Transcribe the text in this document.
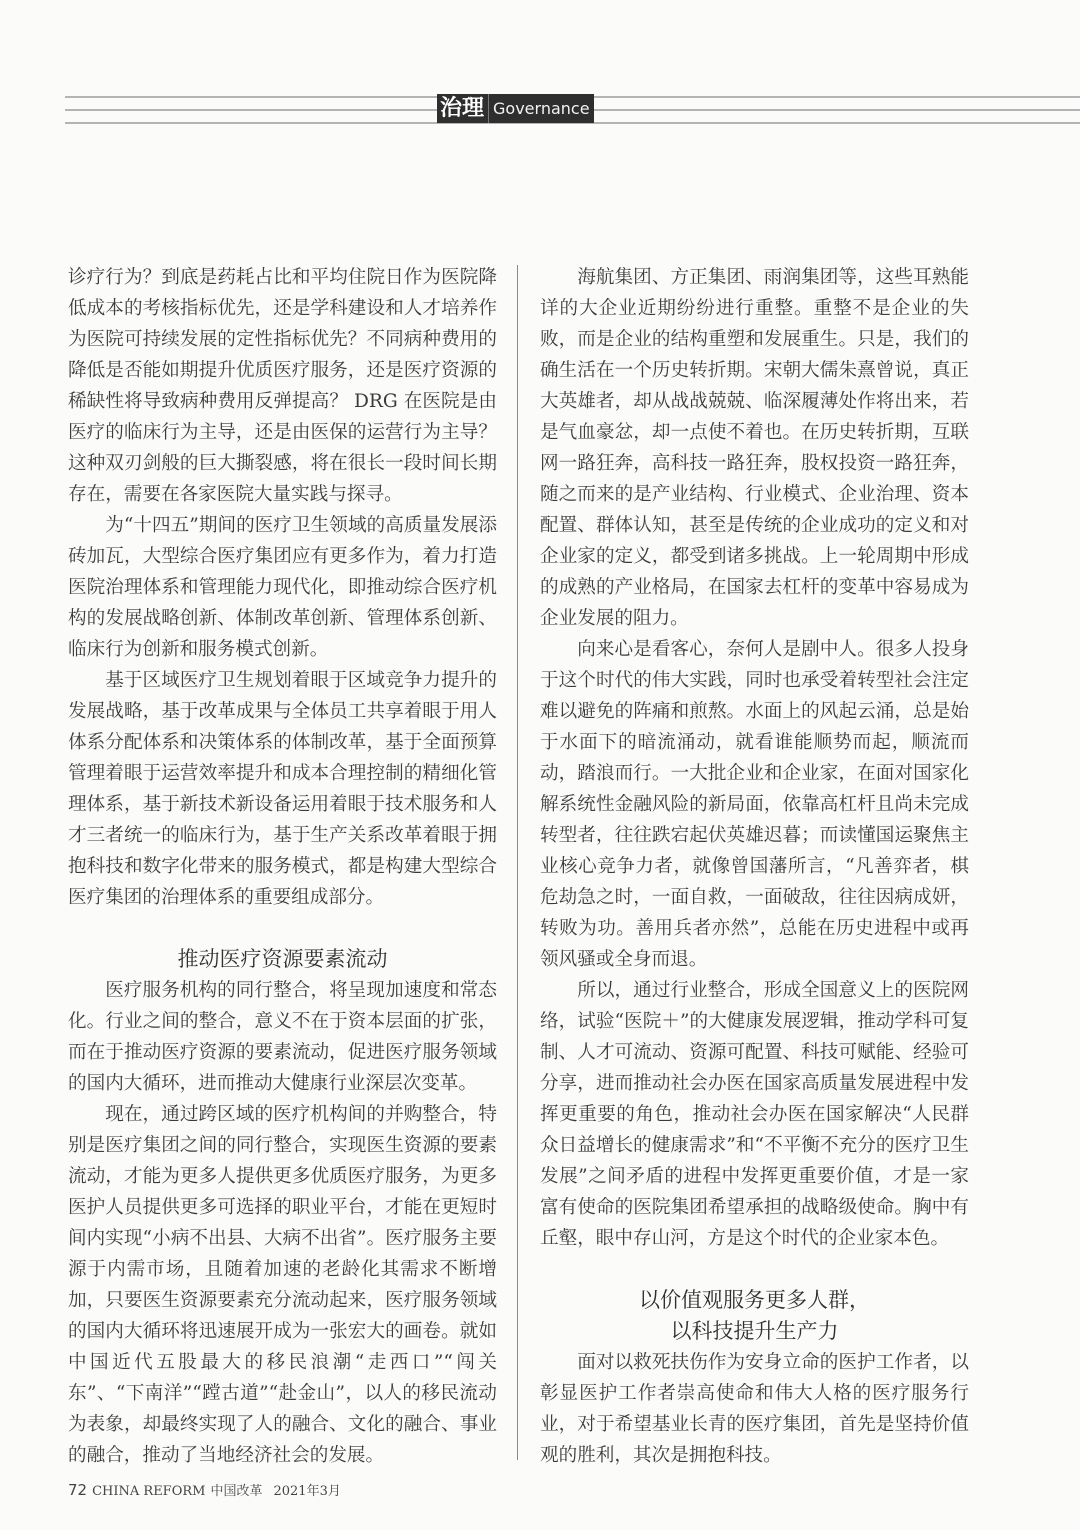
治理 Governance

诊疗行为？到底是药耗占比和平均住院日作为医院降低成本的考核指标优先，还是学科建设和人才培养作为医院可持续发展的定性指标优先？不同病种费用的降低是否能如期提升优质医疗服务，还是医疗资源的稀缺性将导致病种费用反弹提高？ DRG 在医院是由医疗的临床行为主导，还是由医保的运营行为主导？这种双刃剑般的巨大撕裂感，将在很长一段时间长期存在，需要在各家医院大量实践与探寻。

为“十四五”期间的医疗卫生领域的高质量发展添砖加瓦，大型综合医疗集团应有更多作为，着力打造医院治理体系和管理能力现代化，即推动综合医疗机构的发展战略创新、体制改革创新、管理体系创新、临床行为创新和服务模式创新。

基于区域医疗卫生规划着眼于区域竞争力提升的发展战略，基于改革成果与全体员工共享着眼于用人体系分配体系和决策体系的体制改革，基于全面预算管理着眼于运营效率提升和成本合理控制的精细化管理体系，基于新技术新设备运用着眼于技术服务和人才三者统一的临床行为，基于生产关系改革着眼于拥抱科技和数字化带来的服务模式，都是构建大型综合医疗集团的治理体系的重要组成部分。

推动医疗资源要素流动

医疗服务机构的同行整合，将呈现加速度和常态化。行业之间的整合，意义不在于资本层面的扩张，而在于推动医疗资源的要素流动，促进医疗服务领域的国内大循环，进而推动大健康行业深层次变革。

现在，通过跨区域的医疗机构间的并购整合，特别是医疗集团之间的同行整合，实现医生资源的要素流动，才能为更多人提供更多优质医疗服务，为更多医护人员提供更多可选择的职业平台，才能在更短时间内实现“小病不出县、大病不出省”。医疗服务主要源于内需市场，且随着加速的老龄化其需求不断增加，只要医生资源要素充分流动起来，医疗服务领域的国内大循环将迅速展开成为一张宏大的画卷。就如中国近代五股最大的移民浪潮“走西口”“闯关东”、“下南洋”“蹚古道”“赴金山”，以人的移民流动为表象，却最终实现了人的融合、文化的融合、事业的融合，推动了当地经济社会的发展。

海航集团、方正集团、雨润集团等，这些耳熟能详的大企业近期纷纷进行重整。重整不是企业的失败，而是企业的结构重塑和发展重生。只是，我们的确生活在一个历史转折期。宋朝大儒朱熹曾说，真正大英雄者，却从战战兢兢、临深履薄处作将出来，若是气血豪忿，却一点使不着也。在历史转折期，互联网一路狂奔，高科技一路狂奔，股权投资一路狂奔，随之而来的是产业结构、行业模式、企业治理、资本配置、群体认知，甚至是传统的企业成功的定义和对企业家的定义，都受到诸多挑战。上一轮周期中形成的成熟的产业格局，在国家去杠杆的变革中容易成为企业发展的阻力。

向来心是看客心，奈何人是剧中人。很多人投身于这个时代的伟大实践，同时也承受着转型社会注定难以避免的阵痛和煎熬。水面上的风起云涌，总是始于水面下的暗流涌动，就看谁能顺势而起，顺流而动，踏浪而行。一大批企业和企业家，在面对国家化解系统性金融风险的新局面，依靠高杠杆且尚未完成转型者，往往跌宕起伏英雄迟暮；而读懂国运聚焦主业核心竞争力者，就像曾国藩所言，“凡善弈者，棋危劫急之时，一面自救，一面破敌，往往因病成妍，转败为功。善用兵者亦然”，总能在历史进程中或再领风骚或全身而退。

所以，通过行业整合，形成全国意义上的医院网络，试验“医院＋”的大健康发展逻辑，推动学科可复制、人才可流动、资源可配置、科技可赋能、经验可分享，进而推动社会办医在国家高质量发展进程中发挥更重要的角色，推动社会办医在国家解决“人民群众日益增长的健康需求”和“不平衡不充分的医疗卫生发展”之间矛盾的进程中发挥更重要价值，才是一家富有使命的医院集团希望承担的战略级使命。胸中有丘壑，眼中存山河，方是这个时代的企业家本色。

以价值观服务更多人群，
以科技提升生产力

面对以救死扶伤作为安身立命的医护工作者，以彰显医护工作者崇高使命和伟大人格的医疗服务行业，对于希望基业长青的医疗集团，首先是坚持价值观的胜利，其次是拥抱科技。

72 CHINA REFORM 中国改革 2021年3月
